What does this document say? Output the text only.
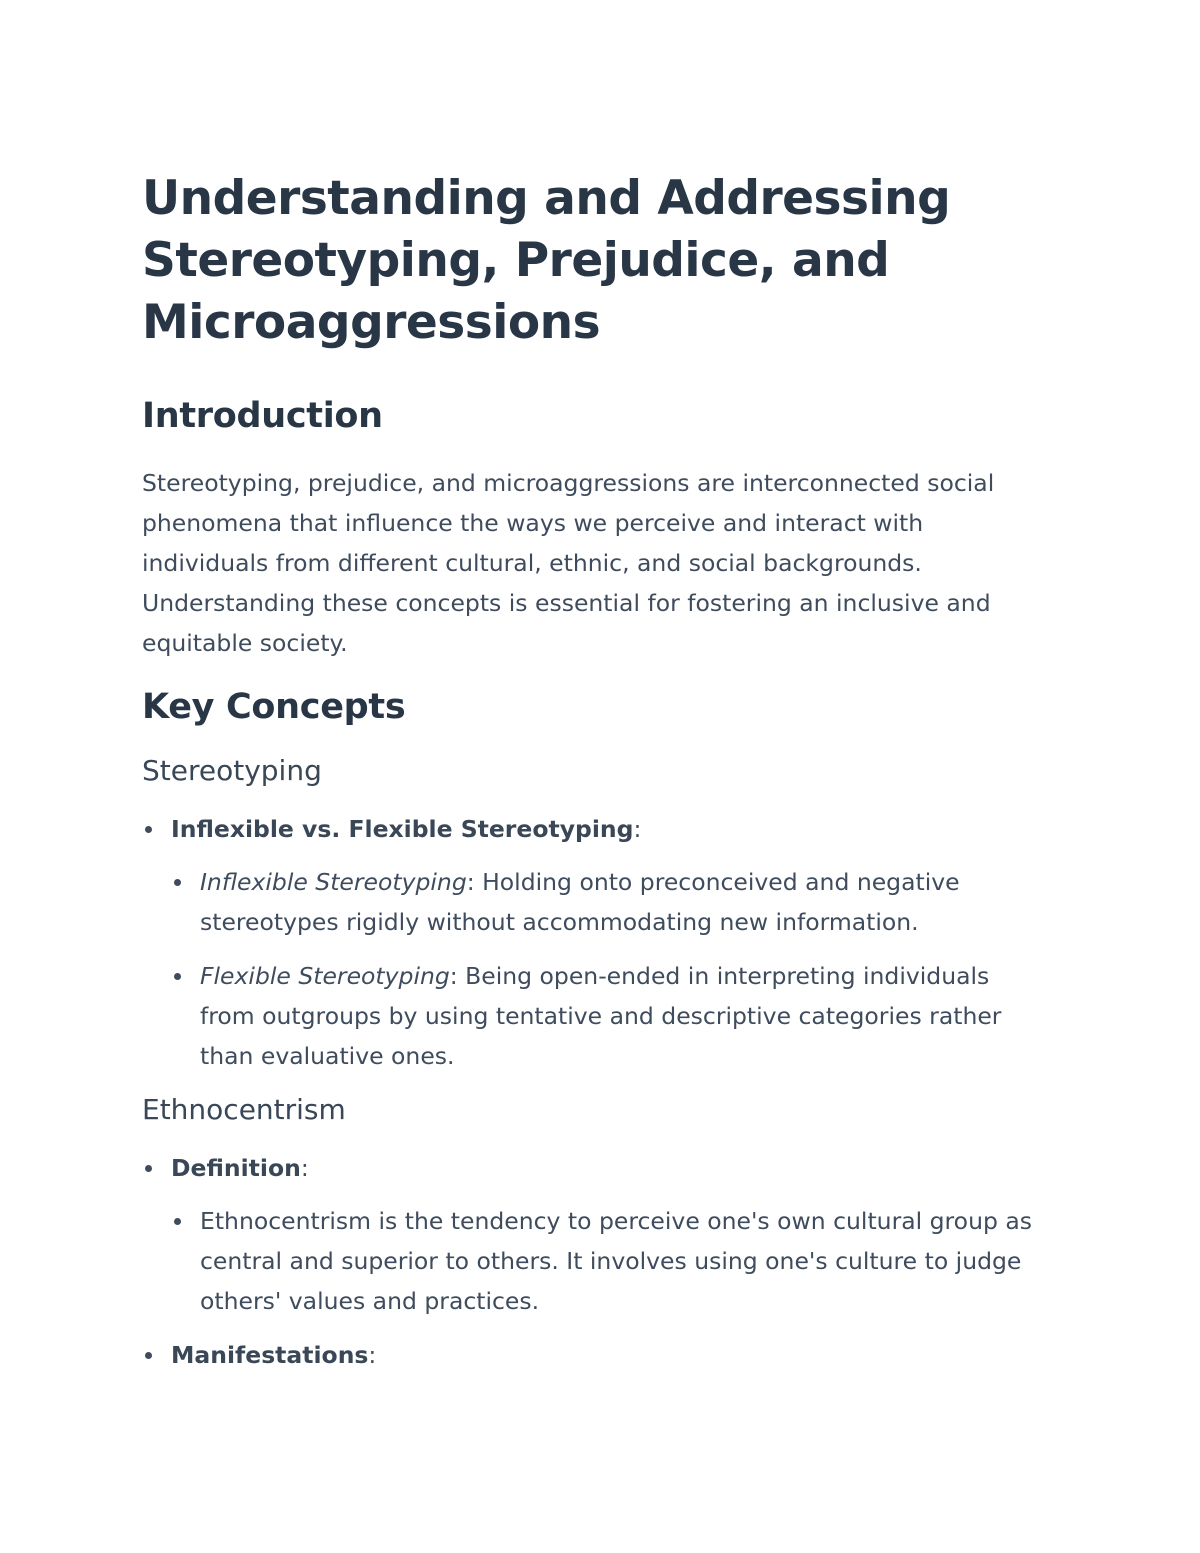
Understanding and Addressing Stereotyping, Prejudice, and Microaggressions
Introduction

Stereotyping, prejudice, and microaggressions are interconnected social phenomena that influence the ways we perceive and interact with individuals from different cultural, ethnic, and social backgrounds. Understanding these concepts is essential for fostering an inclusive and equitable society.

Key Concepts
Stereotyping
Inflexible vs. Flexible Stereotyping:
Inflexible Stereotyping: Holding onto preconceived and negative stereotypes rigidly without accommodating new information.
Flexible Stereotyping: Being open-ended in interpreting individuals from outgroups by using tentative and descriptive categories rather than evaluative ones.
Ethnocentrism
Definition:
Ethnocentrism is the tendency to perceive one's own cultural group as central and superior to others. It involves using one's culture to judge others' values and practices.
Manifestations:
